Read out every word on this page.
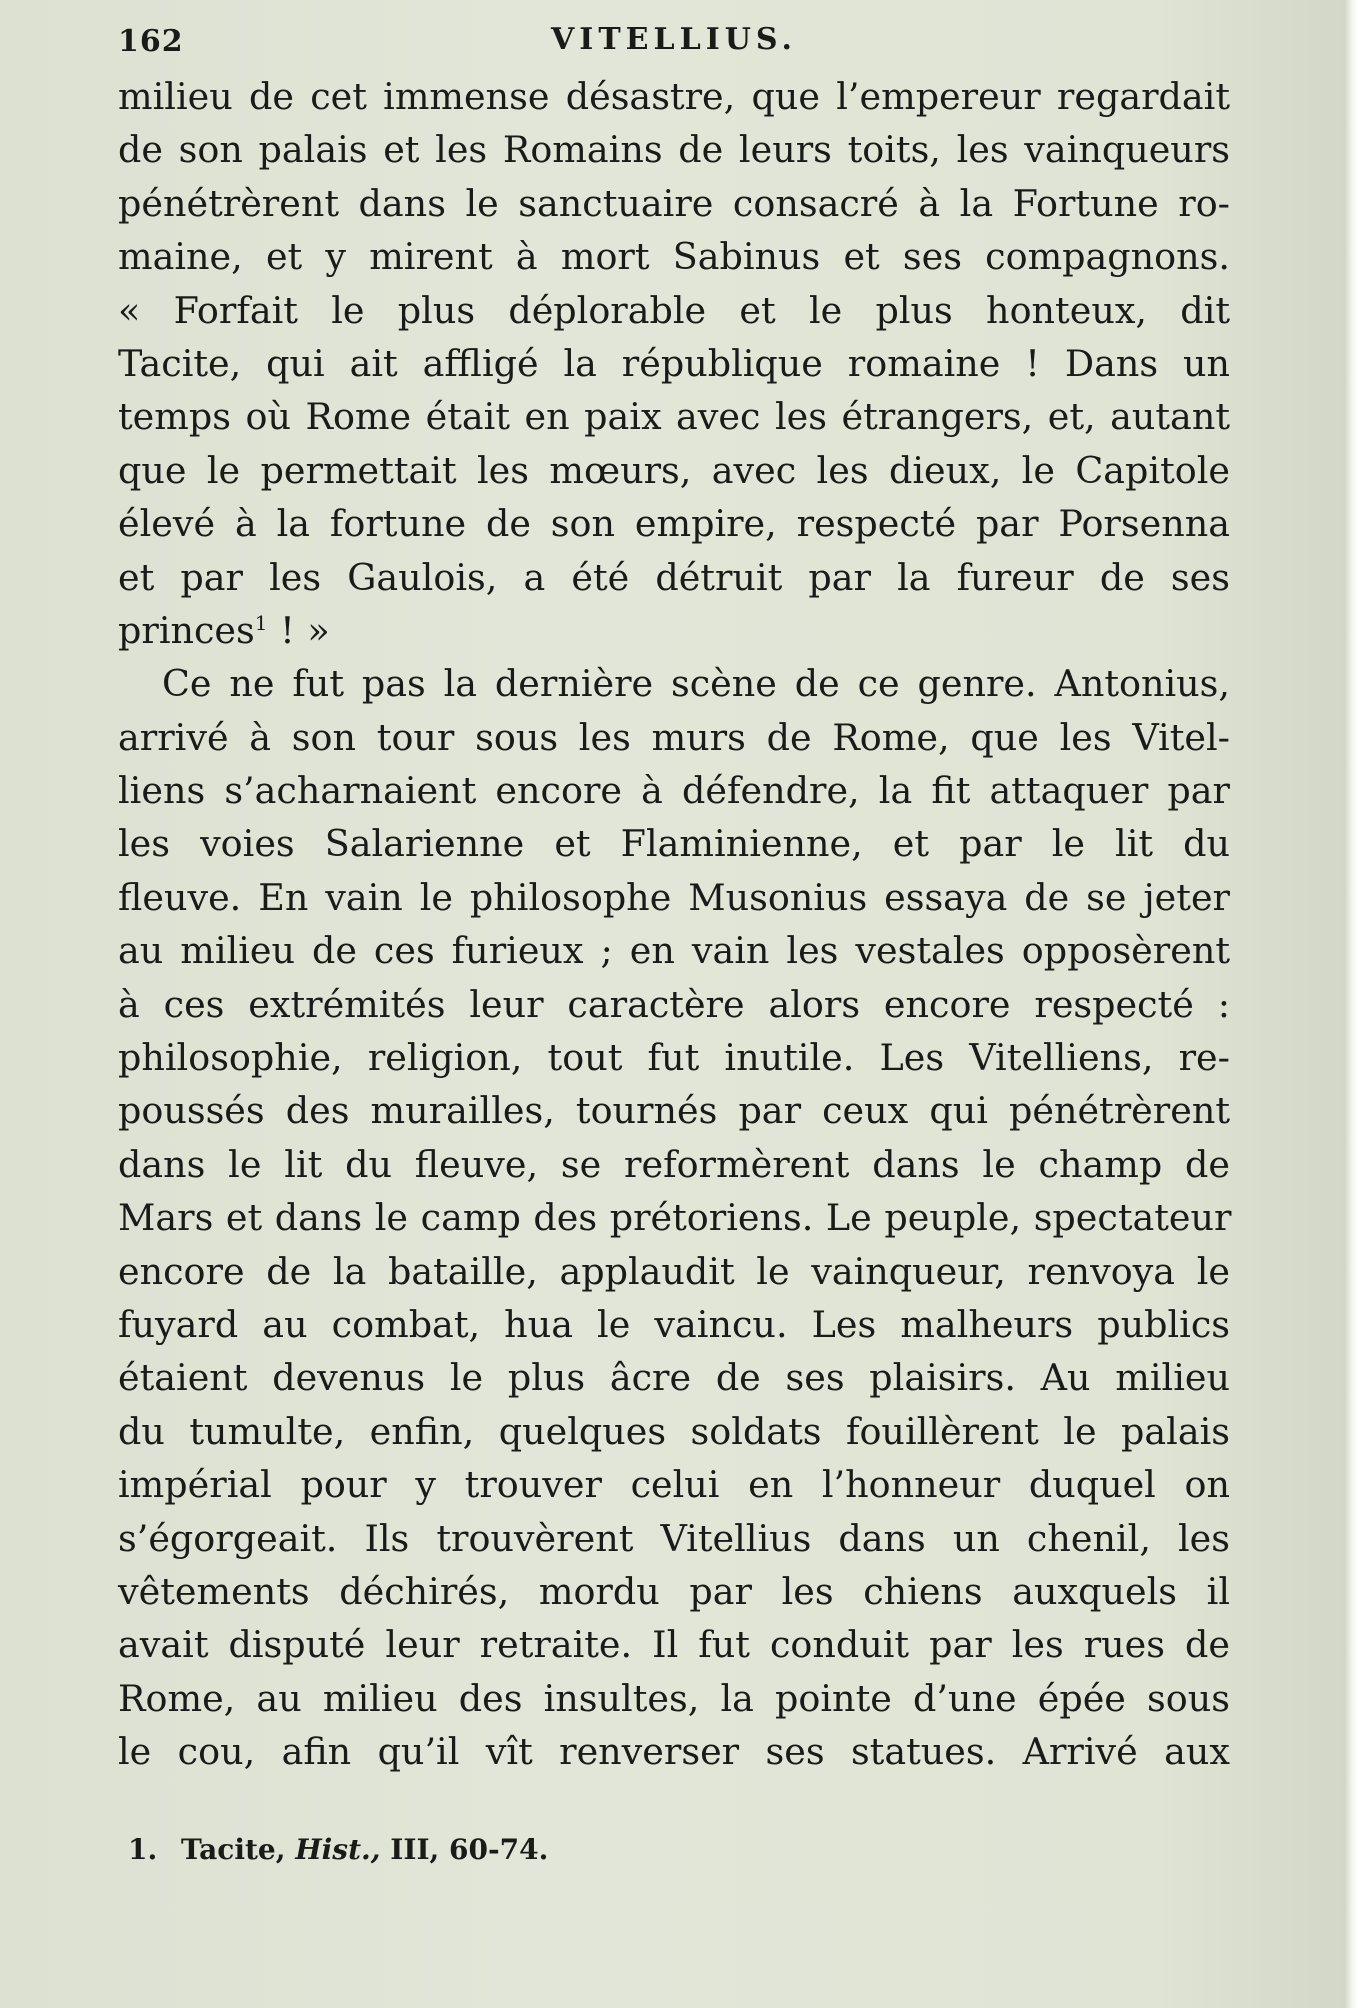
162	VITELLIUS.
milieu de cet immense désastre, que l’empereur regardait
de son palais et les Romains de leurs toits, les vainqueurs
pénétrèrent dans le sanctuaire consacré à la Fortune ro-
maine, et y mirent à mort Sabinus et ses compagnons.
« Forfait le plus déplorable et le plus honteux, dit
Tacite, qui ait affligé la république romaine ! Dans un
temps où Rome était en paix avec les étrangers, et, autant
que le permettait les mœurs, avec les dieux, le Capitole
élevé à la fortune de son empire, respecté par Porsenna
et par les Gaulois, a été détruit par la fureur de ses
princes$^1$ ! »
Ce ne fut pas la dernière scène de ce genre. Antonius,
arrivé à son tour sous les murs de Rome, que les Vitel-
liens s’acharnaient encore à défendre, la fit attaquer par
les voies Salarienne et Flaminienne, et par le lit du
fleuve. En vain le philosophe Musonius essaya de se jeter
au milieu de ces furieux ; en vain les vestales opposèrent
à ces extrémités leur caractère alors encore respecté :
philosophie, religion, tout fut inutile. Les Vitelliens, re-
poussés des murailles, tournés par ceux qui pénétrèrent
dans le lit du fleuve, se reformèrent dans le champ de
Mars et dans le camp des prétoriens. Le peuple, spectateur
encore de la bataille, applaudit le vainqueur, renvoya le
fuyard au combat, hua le vaincu. Les malheurs publics
étaient devenus le plus âcre de ses plaisirs. Au milieu
du tumulte, enfin, quelques soldats fouillèrent le palais
impérial pour y trouver celui en l’honneur duquel on
s’égorgeait. Ils trouvèrent Vitellius dans un chenil, les
vêtements déchirés, mordu par les chiens auxquels il
avait disputé leur retraite. Il fut conduit par les rues de
Rome, au milieu des insultes, la pointe d’une épée sous
le cou, afin qu’il vît renverser ses statues. Arrivé aux
1. Tacite, Hist., III, 60-74.
